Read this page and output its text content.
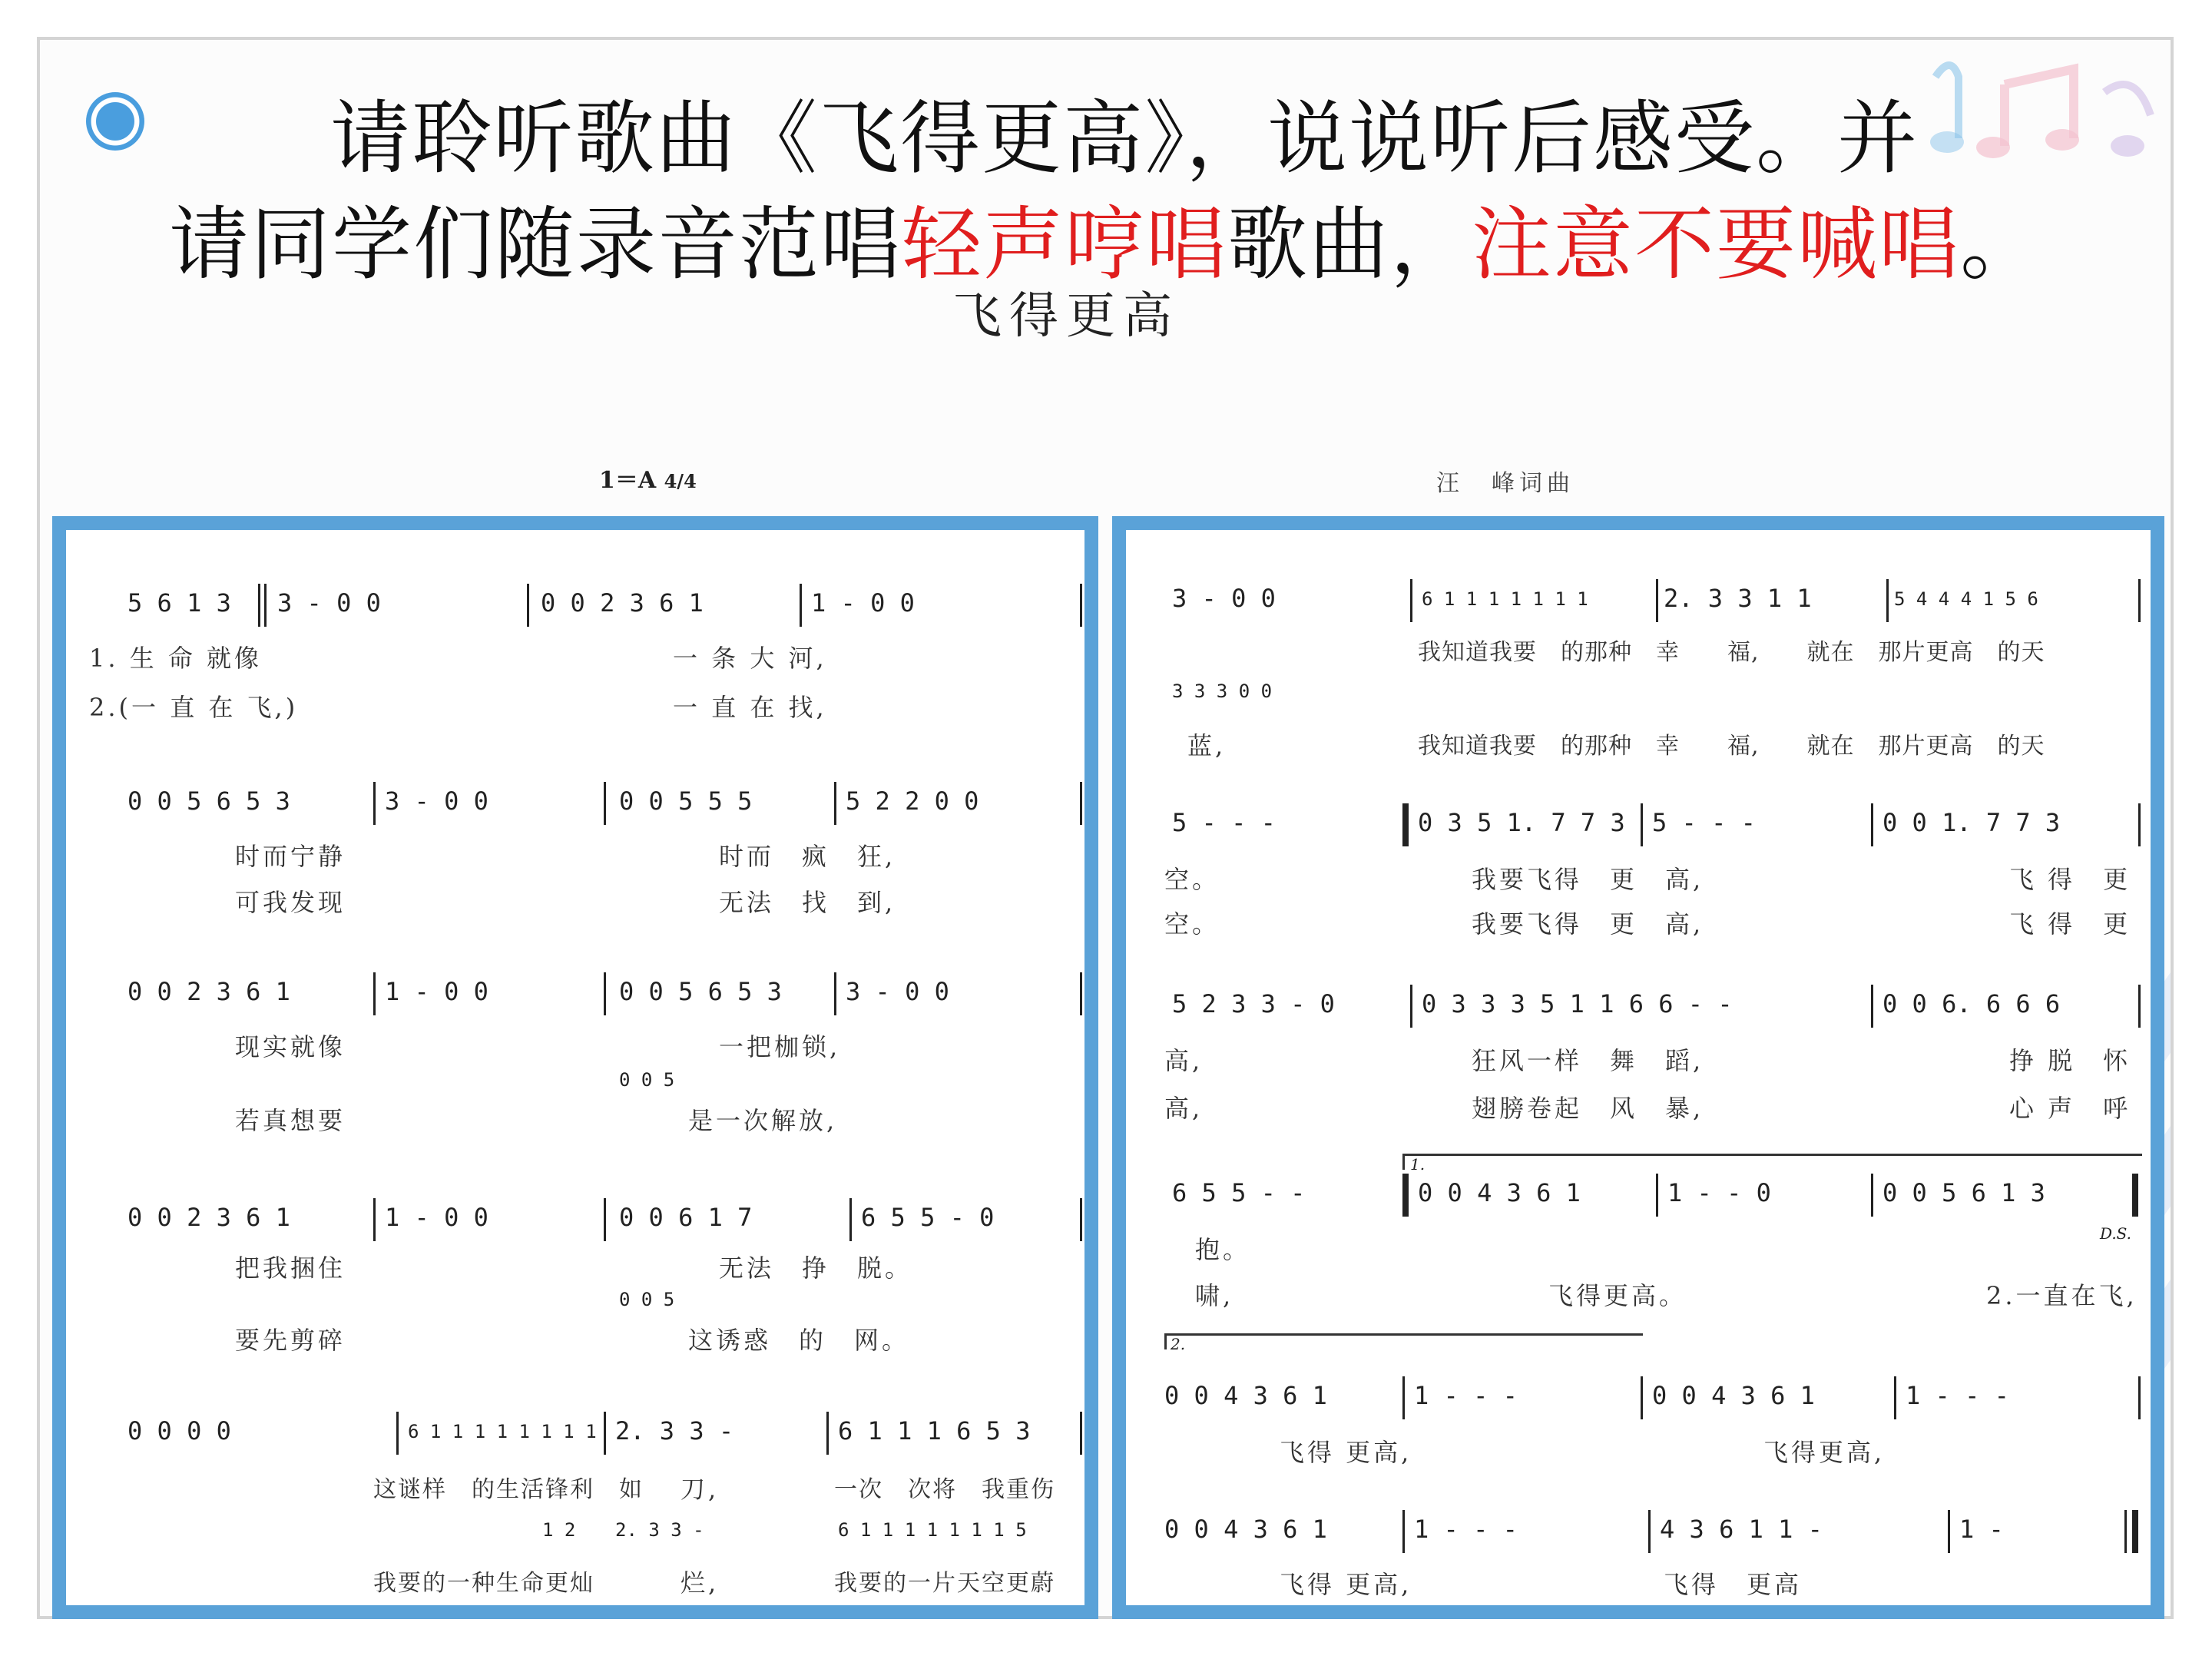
请聆听歌曲《飞得更高》，说说听后感受。并
请同学们随录音范唱轻声哼唱歌曲，注意不要喊唱。
飞得更高
1＝A 4/4	汪　峰词曲
5 6 1 3 3 - 0 0	0 0 2 3 6 1	1 - 0 0
1. 生 命 就像	一 条 大 河,
2.(一 直 在 飞,)	一 直 在 找,
0 0 5 6 5 3	3 - 0 0	0 0 5 5 5	5 2 2 0 0
时而宁静	时而　疯　狂,
可我发现	无法　找　到,
0 0 2 3 6 1	1 - 0 0	0 0 5 6 5 3	3 - 0 0
现实就像	一把枷锁,
0 0 5
若真想要	是一次解放,
0 0 2 3 6 1	1 - 0 0	0 0 6 1 7	6 5 5 - 0
把我捆住	无法　挣　脱。
0 0 5
要先剪碎	这诱惑　的　网。
0 0 0 0	6 1 1 1 1 1 1 1 1 2. 3 3 -	6 1 1 1 6 5 3
这谜样　的生活锋利　如 刀,	一次　次将　我重伤
1 2 2. 3 3 -	6 1 1 1 1 1 1 1 5
我要的一种生命更灿	烂,	我要的一片天空更蔚
3 - 0 0	6 1 1 1 1 1 1 1	2. 3 3 1 1	5 4 4 4 1 5 6
我知道我要　的那种　幸　　福,　　就在　那片更高　的天
3 3 3 0 0
蓝,	我知道我要　的那种　幸　　福,　　就在　那片更高　的天
5 - - -	0 3 5 1. 7 7 3 5 - - -	0 0 1. 7 7 3
空。	我要飞得　更　高,	飞 得　更
空。	我要飞得　更　高,	飞 得　更
5 2 3 3 - 0	0 3 3 3 5 1 1 6 6 - -	0 0 6. 6 6 6
高,	狂风一样　舞　蹈,	挣 脱　怀
高,	翅膀卷起　风　暴,	心 声　呼
1.
6 5 5 - -	0 0 4 3 6 1	1 - - 0	0 0 5 6 1 3
D.S.
抱。
啸,	飞得更高。	2.一直在飞,
2.
0 0 4 3 6 1	1 - - -	0 0 4 3 6 1	1 - - -
飞得 更高,	飞得更高,
0 0 4 3 6 1	1 - - -	4 3 6 1 1 -	1 -
飞得 更高,	飞得　更高
